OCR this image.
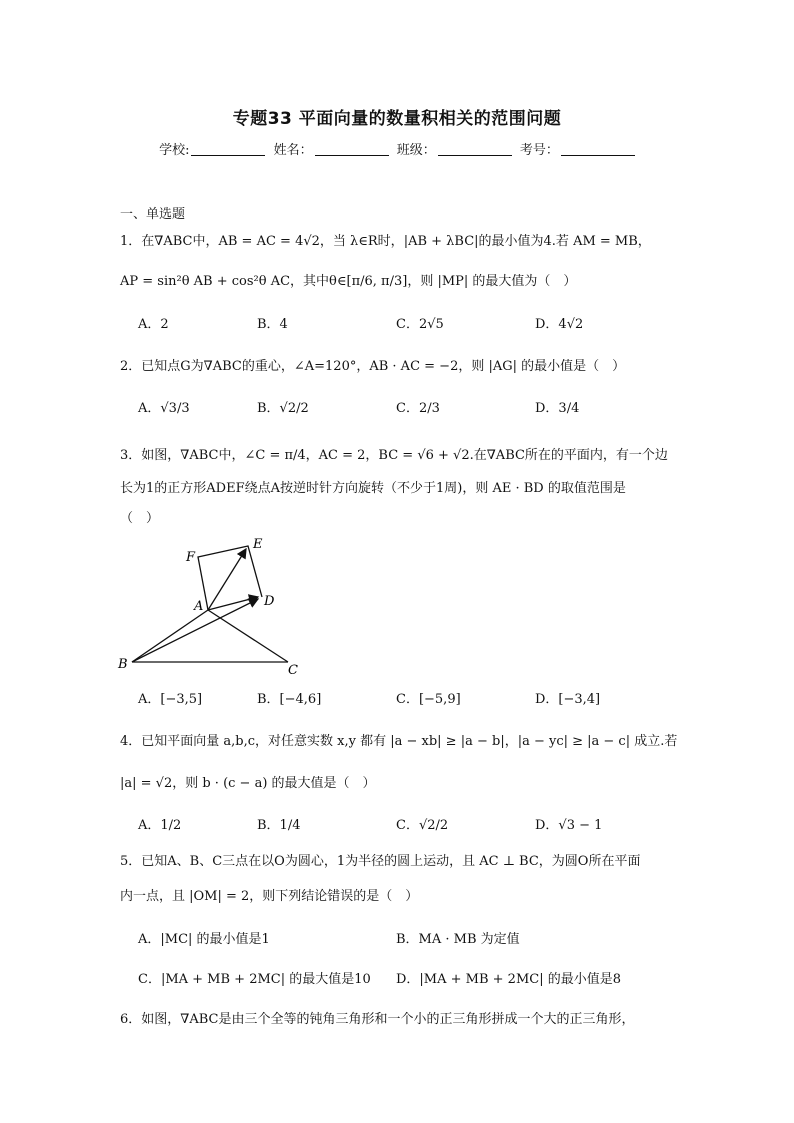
专题33 平面向量的数量积相关的范围问题
学校:	姓名：	班级：	考号：
一、单选题
1．在∇ABC中，AB = AC = 4√2，当 λ∈R时，|AB + λBC|的最小值为4.若 AM = MB，
AP = sin²θ AB + cos²θ AC，其中θ∈[π/6, π/3]，则 |MP| 的最大值为（　）
A．2	B．4	C．2√5	D．4√2
2．已知点G为∇ABC的重心，∠A=120°，AB · AC = −2，则 |AG| 的最小值是（　）
A．√3/3	B．√2/2	C．2/3	D．3/4
3．如图，∇ABC中，∠C = π/4，AC = 2，BC = √6 + √2.在∇ABC所在的平面内，有一个边
长为1的正方形ADEF绕点A按逆时针方向旋转（不少于1周)，则 AE · BD 的取值范围是
（　）
F
E
A	D
B	C
A．[−3,5]	B．[−4,6]	C．[−5,9]	D．[−3,4]
4．已知平面向量 a,b,c，对任意实数 x,y 都有 |a − xb| ≥ |a − b|，|a − yc| ≥ |a − c| 成立.若
|a| = √2，则 b · (c − a) 的最大值是（　）
A．1/2	B．1/4	C．√2/2	D．√3 − 1
5．已知A、B、C三点在以O为圆心，1为半径的圆上运动，且 AC ⊥ BC，为圆O所在平面
内一点，且 |OM| = 2，则下列结论错误的是（　）
A．|MC| 的最小值是1	B．MA · MB 为定值
C．|MA + MB + 2MC| 的最大值是10 D．|MA + MB + 2MC| 的最小值是8
6．如图，∇ABC是由三个全等的钝角三角形和一个小的正三角形拼成一个大的正三角形，
